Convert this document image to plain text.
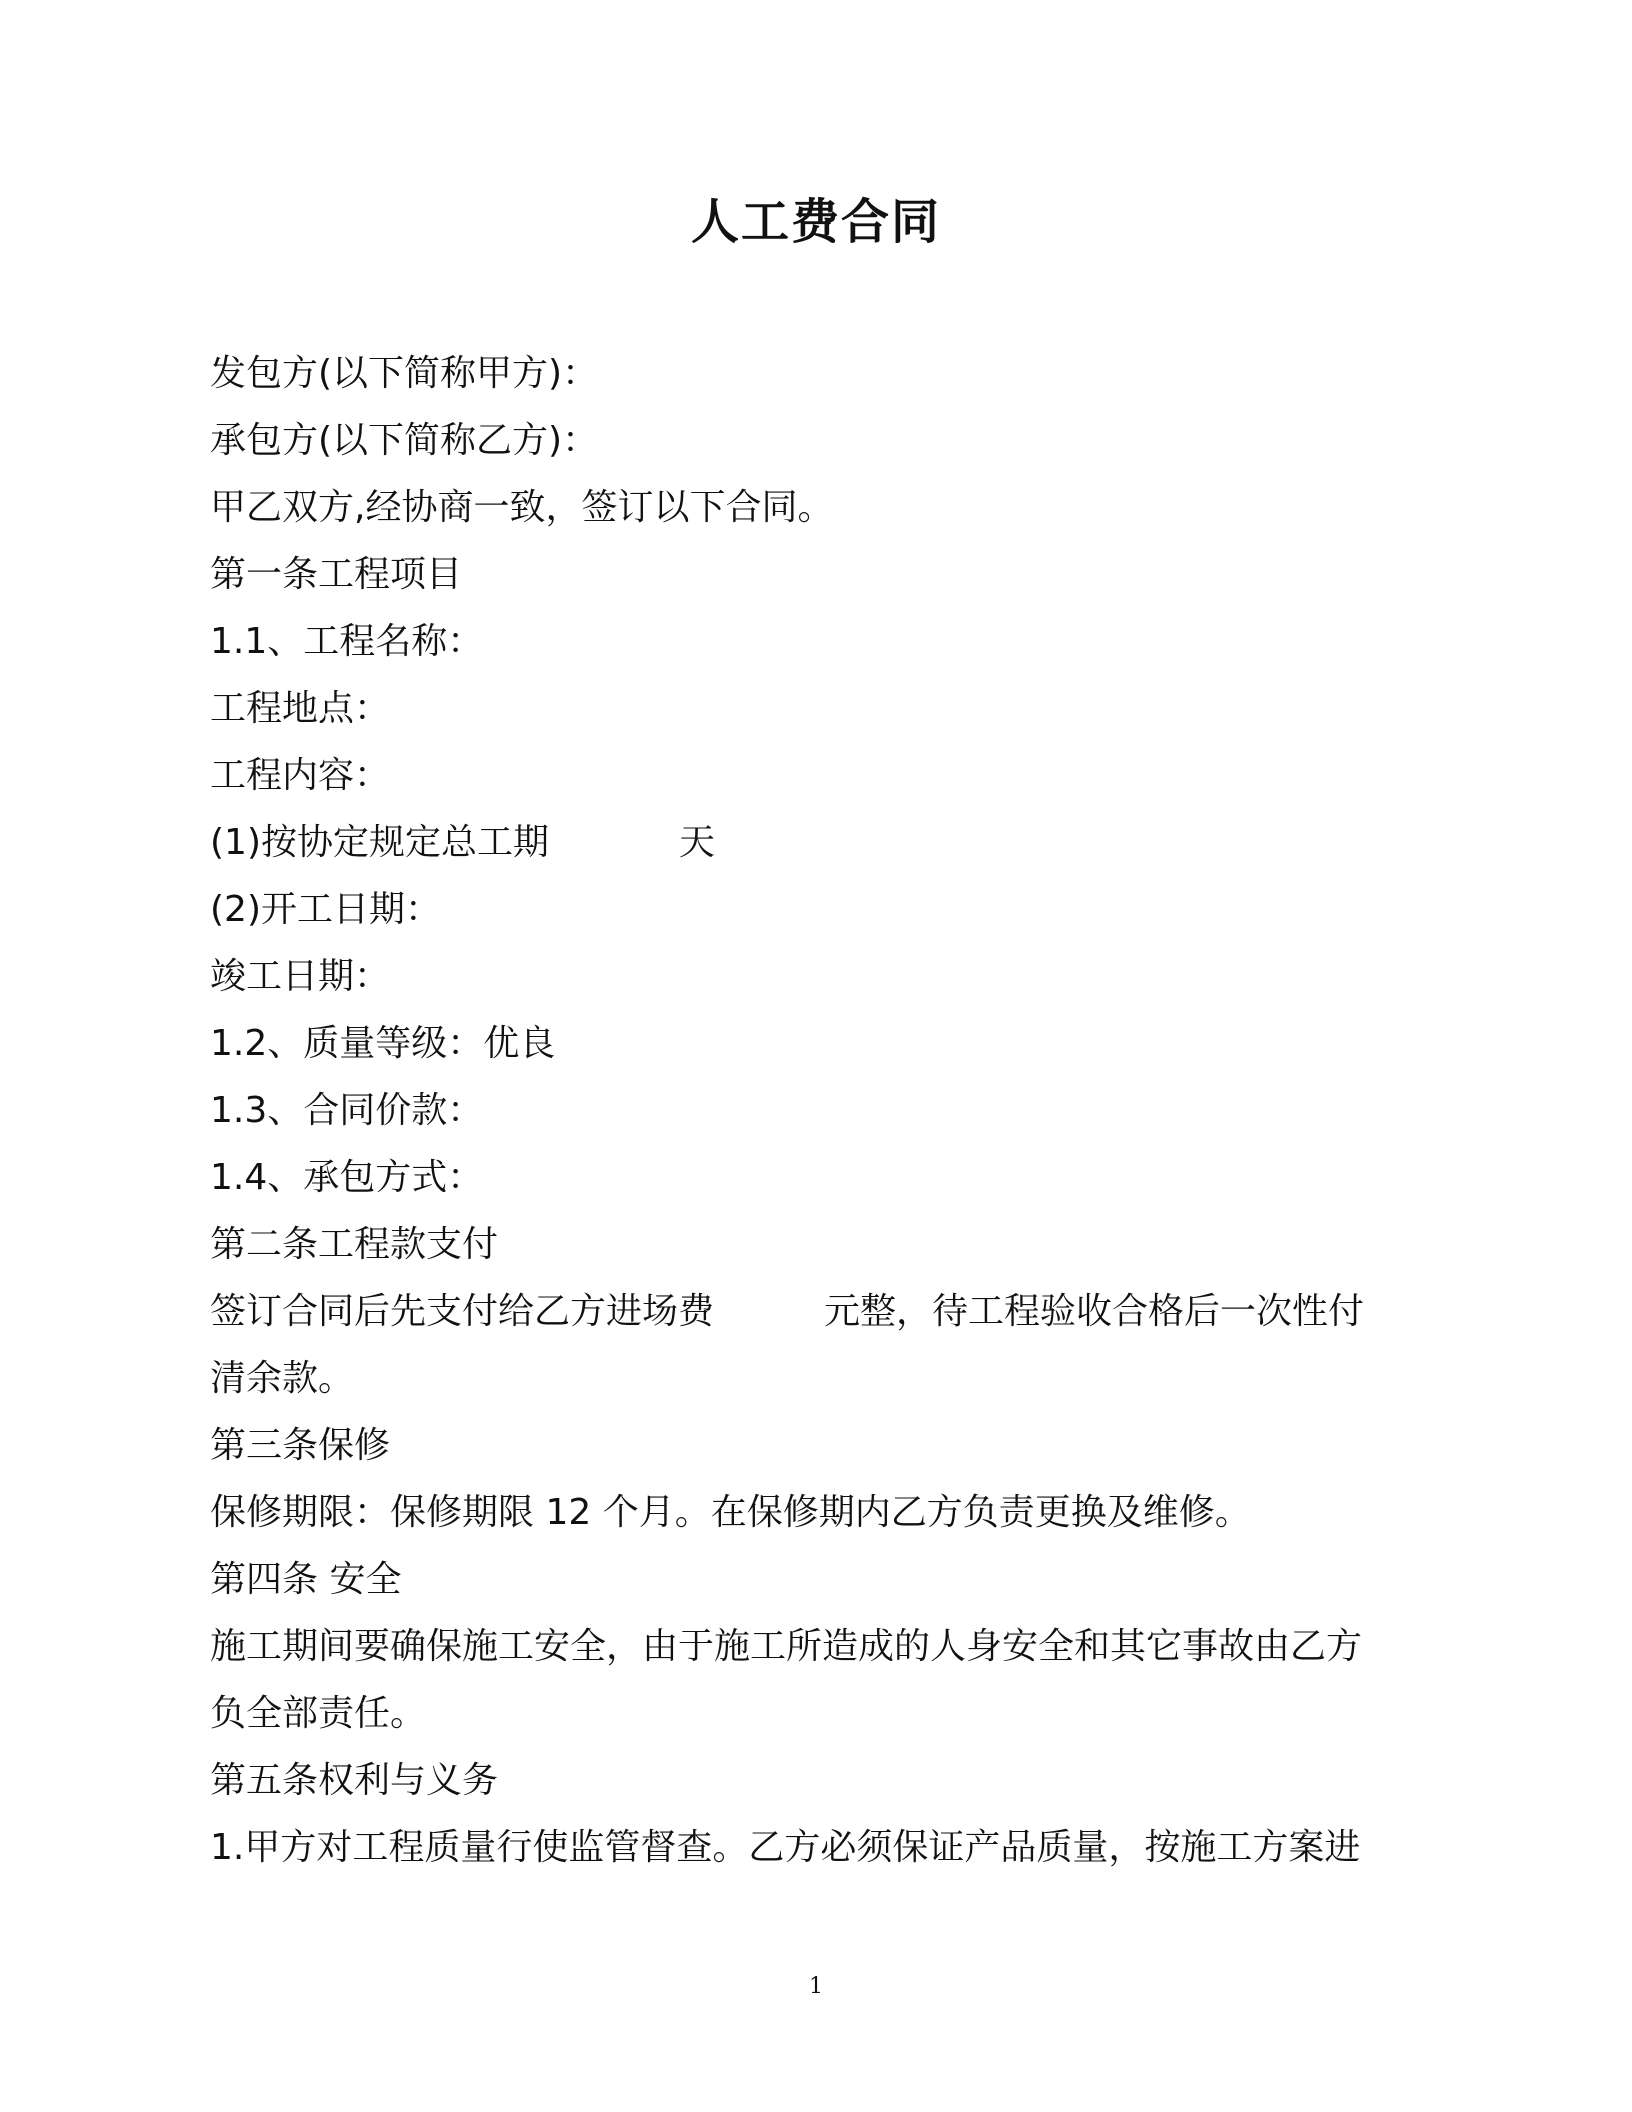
人工费合同
发包方(以下简称甲方)：
承包方(以下简称乙方)：
甲乙双方,经协商一致，签订以下合同。
第一条工程项目
1.1、工程名称：
工程地点：
工程内容：
(1)按协定规定总工期	天
(2)开工日期：
竣工日期：
1.2、质量等级：优良
1.3、合同价款：
1.4、承包方式：
第二条工程款支付
签订合同后先支付给乙方进场费	元整，待工程验收合格后一次性付
清余款。
第三条保修
保修期限：保修期限 12 个月。在保修期内乙方负责更换及维修。
第四条 安全
施工期间要确保施工安全，由于施工所造成的人身安全和其它事故由乙方
负全部责任。
第五条权利与义务
1.甲方对工程质量行使监管督查。乙方必须保证产品质量，按施工方案进
1
